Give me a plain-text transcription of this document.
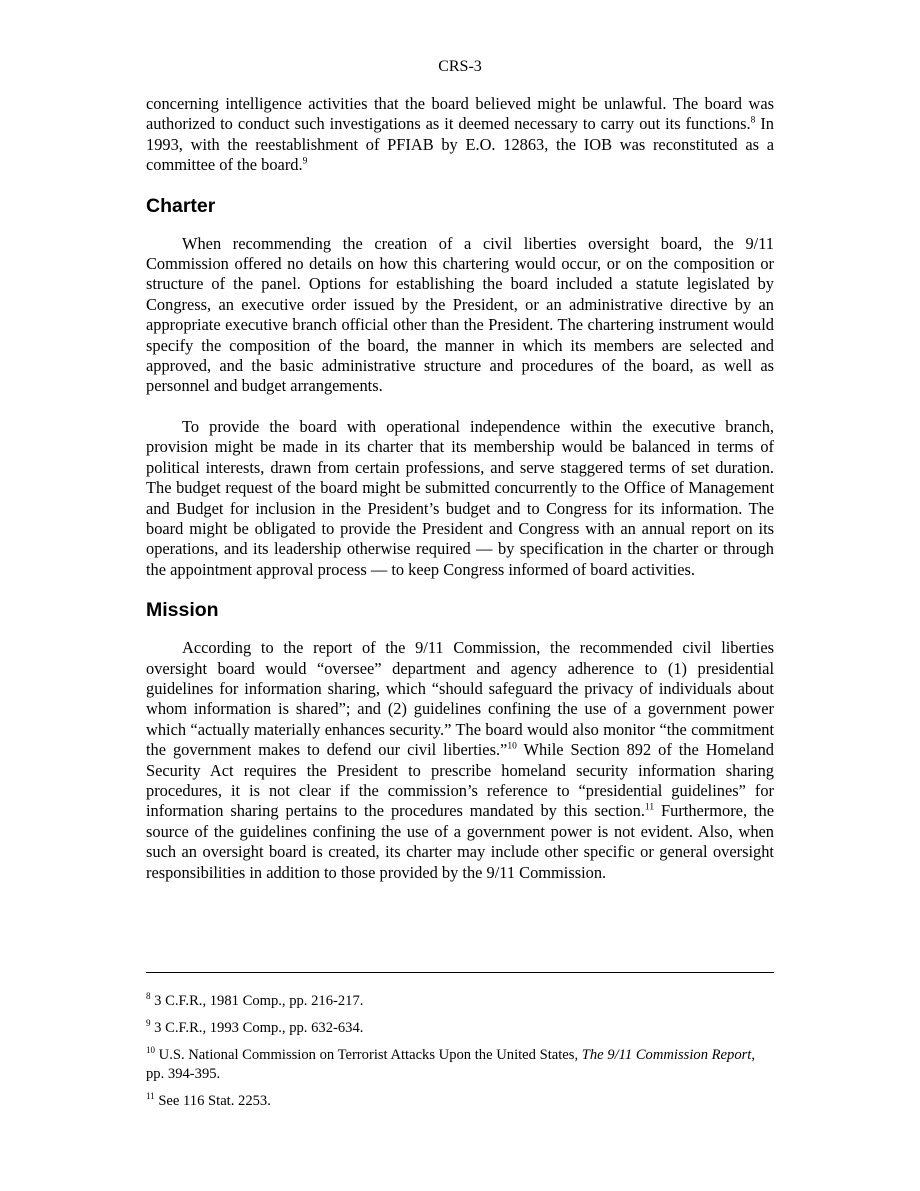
CRS-3

concerning intelligence activities that the board believed might be unlawful. The board was authorized to conduct such investigations as it deemed necessary to carry out its functions.$^8$ In 1993, with the reestablishment of PFIAB by E.O. 12863, the IOB was reconstituted as a committee of the board.$^9$

Charter

When recommending the creation of a civil liberties oversight board, the 9/11 Commission offered no details on how this chartering would occur, or on the composition or structure of the panel. Options for establishing the board included a statute legislated by Congress, an executive order issued by the President, or an administrative directive by an appropriate executive branch official other than the President. The chartering instrument would specify the composition of the board, the manner in which its members are selected and approved, and the basic administrative structure and procedures of the board, as well as personnel and budget arrangements.

To provide the board with operational independence within the executive branch, provision might be made in its charter that its membership would be balanced in terms of political interests, drawn from certain professions, and serve staggered terms of set duration. The budget request of the board might be submitted concurrently to the Office of Management and Budget for inclusion in the President’s budget and to Congress for its information. The board might be obligated to provide the President and Congress with an annual report on its operations, and its leadership otherwise required — by specification in the charter or through the appointment approval process — to keep Congress informed of board activities.

Mission

According to the report of the 9/11 Commission, the recommended civil liberties oversight board would “oversee” department and agency adherence to (1) presidential guidelines for information sharing, which “should safeguard the privacy of individuals about whom information is shared”; and (2) guidelines confining the use of a government power which “actually materially enhances security.” The board would also monitor “the commitment the government makes to defend our civil liberties.”$^{10}$ While Section 892 of the Homeland Security Act requires the President to prescribe homeland security information sharing procedures, it is not clear if the commission’s reference to “presidential guidelines” for information sharing pertains to the procedures mandated by this section.$^{11}$ Furthermore, the source of the guidelines confining the use of a government power is not evident. Also, when such an oversight board is created, its charter may include other specific or general oversight responsibilities in addition to those provided by the 9/11 Commission.

$^8$ 3 C.F.R., 1981 Comp., pp. 216-217.

$^9$ 3 C.F.R., 1993 Comp., pp. 632-634.

$^{10}$ U.S. National Commission on Terrorist Attacks Upon the United States, The 9/11 Commission Report, pp. 394-395.

$^{11}$ See 116 Stat. 2253.
